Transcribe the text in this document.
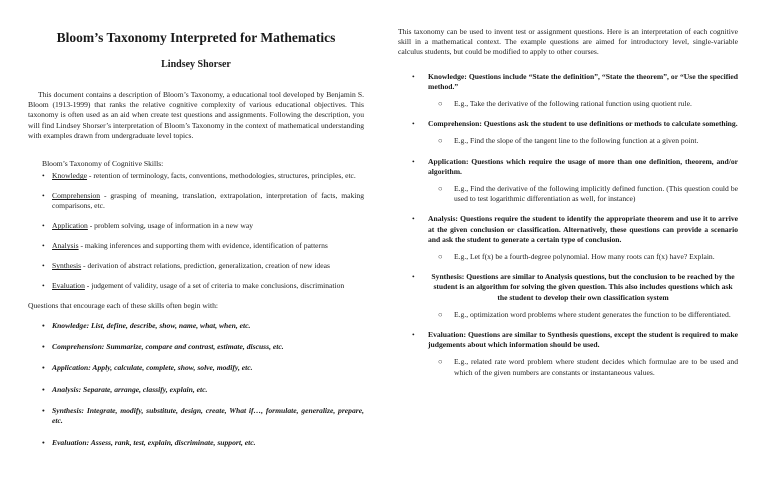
Bloom’s Taxonomy Interpreted for Mathematics

Lindsey Shorser

This document contains a description of Bloom’s Taxonomy, a educational tool developed by Benjamin S. Bloom (1913-1999) that ranks the relative cognitive complexity of various educational objectives. This taxonomy is often used as an aid when create test questions and assignments. Following the description, you will find Lindsey Shorser’s interpretation of Bloom’s Taxonomy in the context of mathematical understanding with examples drawn from undergraduate level topics.

Bloom’s Taxonomy of Cognitive Skills:

• Knowledge - retention of terminology, facts, conventions, methodologies, structures, principles, etc.
• Comprehension - grasping of meaning, translation, extrapolation, interpretation of facts, making comparisons, etc.
• Application - problem solving, usage of information in a new way
• Analysis - making inferences and supporting them with evidence, identification of patterns
• Synthesis - derivation of abstract relations, prediction, generalization, creation of new ideas
• Evaluation - judgement of validity, usage of a set of criteria to make conclusions, discrimination

Questions that encourage each of these skills often begin with:

• Knowledge: List, define, describe, show, name, what, when, etc.
• Comprehension: Summarize, compare and contrast, estimate, discuss, etc.
• Application: Apply, calculate, complete, show, solve, modify, etc.
• Analysis: Separate, arrange, classify, explain, etc.
• Synthesis: Integrate, modify, substitute, design, create, What if…, formulate, generalize, prepare, etc.
• Evaluation: Assess, rank, test, explain, discriminate, support, etc.

This taxonomy can be used to invent test or assignment questions. Here is an interpretation of each cognitive skill in a mathematical context. The example questions are aimed for introductory level, single-variable calculus students, but could be modified to apply to other courses.

• Knowledge: Questions include “State the definition”, “State the theorem”, or “Use the specified method.”

○ E.g., Take the derivative of the following rational function using quotient rule.

• Comprehension: Questions ask the student to use definitions or methods to calculate something.

○ E.g., Find the slope of the tangent line to the following function at a given point.

• Application: Questions which require the usage of more than one definition, theorem, and/or algorithm.

○ E.g., Find the derivative of the following implicitly defined function. (This question could be used to test logarithmic differentiation as well, for instance)

• Analysis: Questions require the student to identify the appropriate theorem and use it to arrive at the given conclusion or classification. Alternatively, these questions can provide a scenario and ask the student to generate a certain type of conclusion.

○ E.g., Let f(x) be a fourth-degree polynomial. How many roots can f(x) have? Explain.

• Synthesis: Questions are similar to Analysis questions, but the conclusion to be reached by the student is an algorithm for solving the given question. This also includes questions which ask the student to develop their own classification system

○ E.g., optimization word problems where student generates the function to be differentiated.

• Evaluation: Questions are similar to Synthesis questions, except the student is required to make judgements about which information should be used.

○ E.g., related rate word problem where student decides which formulae are to be used and which of the given numbers are constants or instantaneous values.
